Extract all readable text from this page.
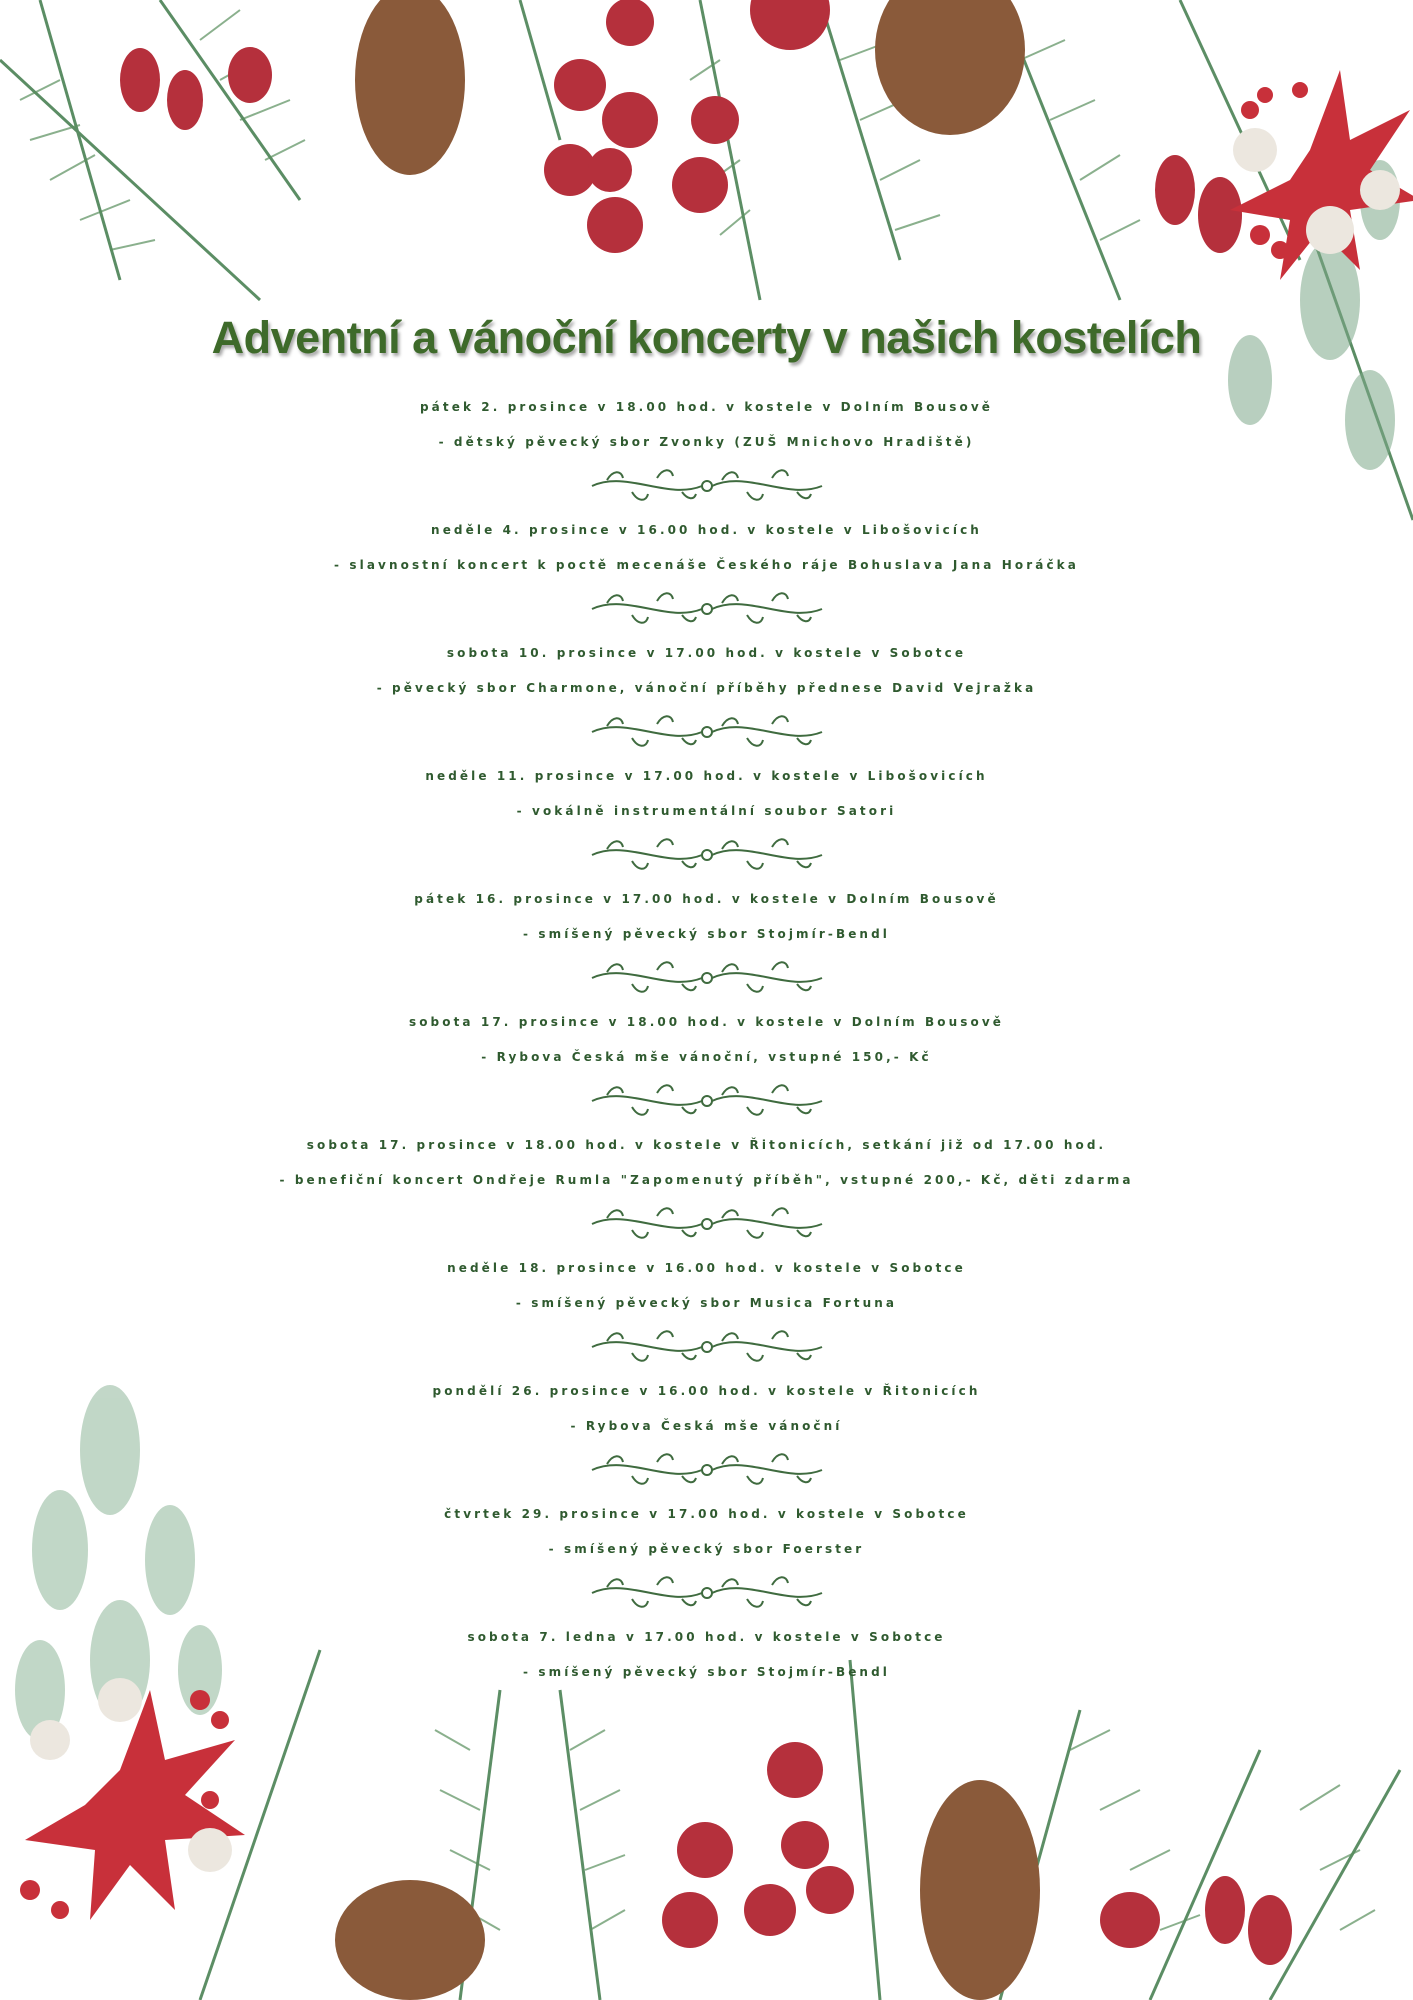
Adventní a vánoční koncerty v našich kostelích
pátek 2. prosince v 18.00 hod. v kostele v Dolním Bousově
- dětský pěvecký sbor Zvonky (ZUŠ Mnichovo Hradiště)
neděle 4. prosince v 16.00 hod. v kostele v Libošovicích
- slavnostní koncert k poctě mecenáše Českého ráje Bohuslava Jana Horáčka
sobota 10. prosince v 17.00 hod. v kostele v Sobotce
- pěvecký sbor Charmone, vánoční příběhy přednese David Vejražka
neděle 11. prosince v 17.00 hod. v kostele v Libošovicích
- vokálně instrumentální soubor Satori
pátek 16. prosince v 17.00 hod. v kostele v Dolním Bousově
- smíšený pěvecký sbor Stojmír-Bendl
sobota 17. prosince v 18.00 hod. v kostele v Dolním Bousově
- Rybova Česká mše vánoční, vstupné 150,- Kč
sobota 17. prosince v 18.00 hod. v kostele v Řitonicích, setkání již od 17.00 hod.
- benefiční koncert Ondřeje Rumla "Zapomenutý příběh", vstupné 200,- Kč, děti zdarma
neděle 18. prosince v 16.00 hod. v kostele v Sobotce
- smíšený pěvecký sbor Musica Fortuna
pondělí 26. prosince v 16.00 hod. v kostele v Řitonicích
- Rybova Česká mše vánoční
čtvrtek 29. prosince v 17.00 hod. v kostele v Sobotce
- smíšený pěvecký sbor Foerster
sobota 7. ledna v 17.00 hod. v kostele v Sobotce
- smíšený pěvecký sbor Stojmír-Bendl
